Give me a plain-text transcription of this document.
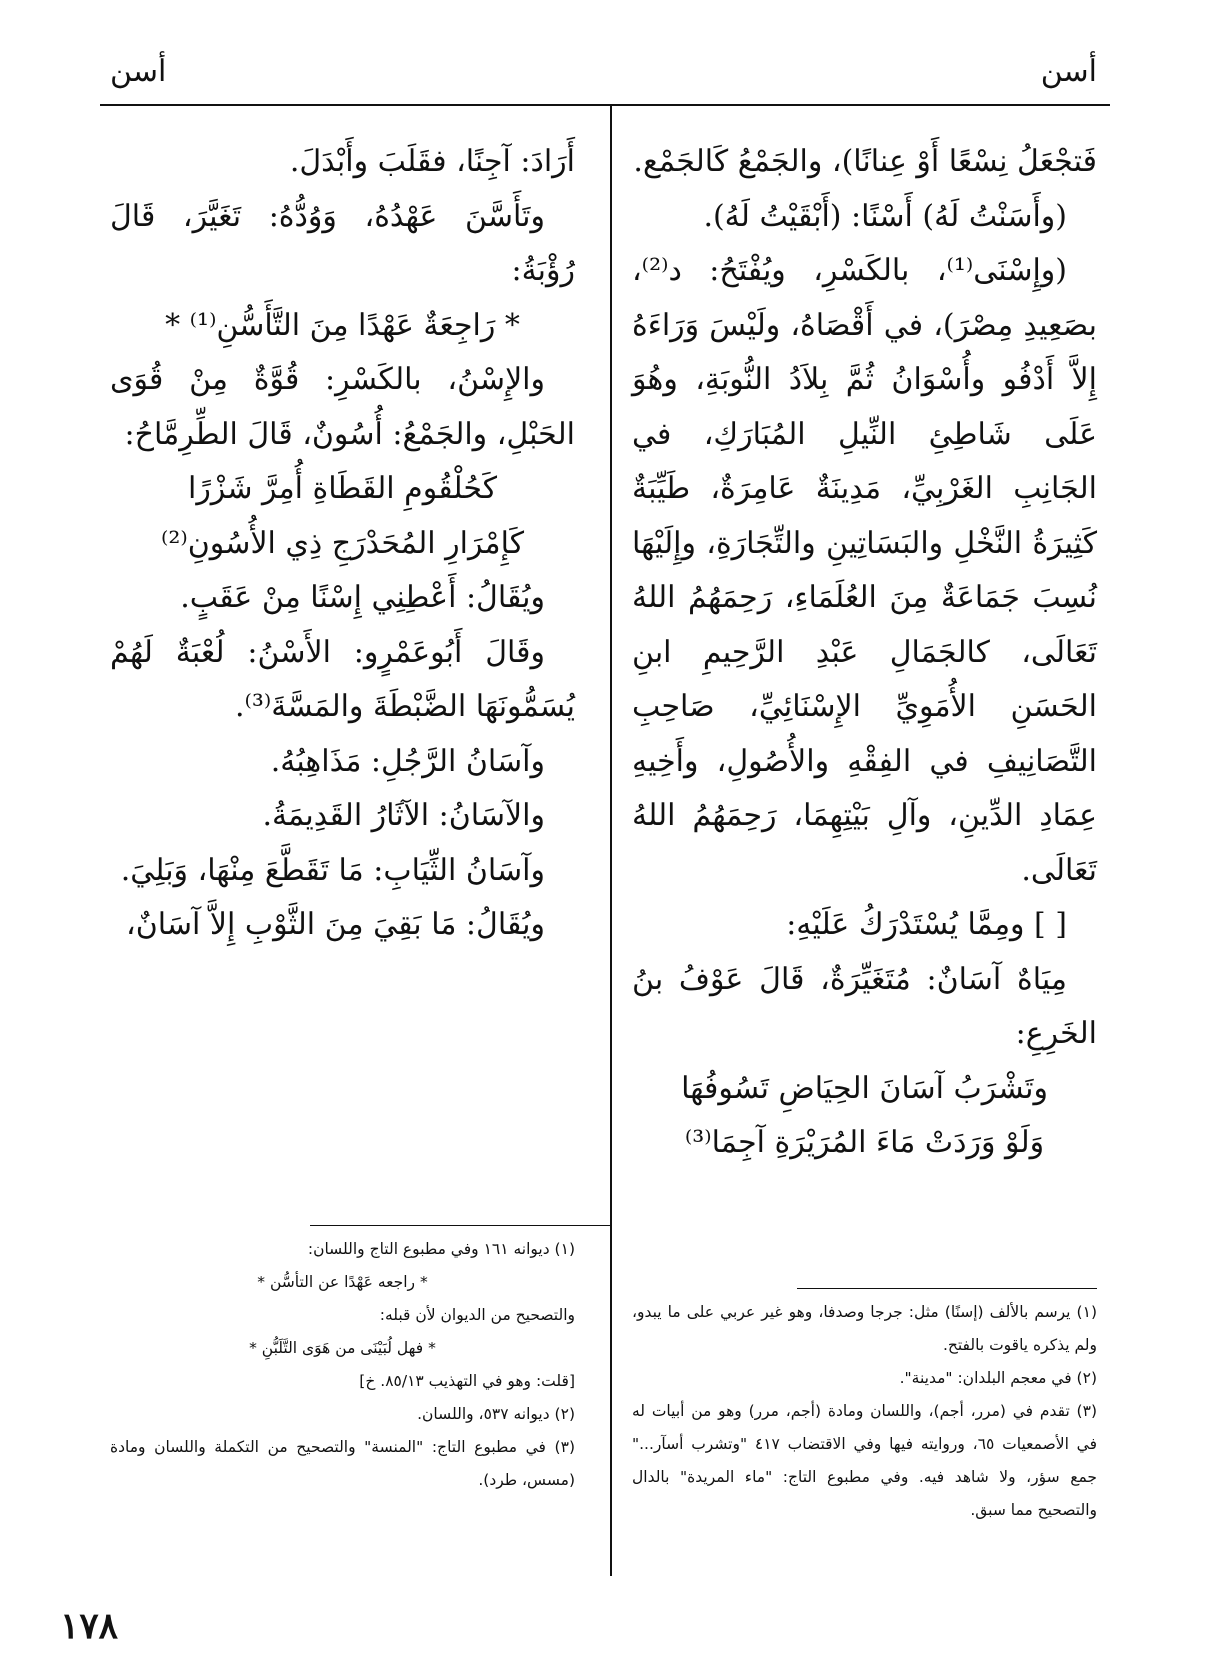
أسن
أسن

فَتجْعَلُ نِسْعًا أَوْ عِنانًا)، والجَمْعُ كَالجَمْع.

(وأَسَنْتُ لَهُ) أَسْنًا: (أَبْقَيْتُ لَهُ).

(وإِسْنَى⁽¹⁾، بالكَسْرِ، ويُفْتَحُ: د⁽²⁾، بصَعِيدِ مِصْرَ)، في أَقْصَاهُ، ولَيْسَ وَرَاءَهُ إِلاَّ أَدْفُو وأُسْوَانُ ثُمَّ بِلاَدُ النُّوبَةِ، وهُوَ عَلَى شَاطِئِ النِّيلِ المُبَارَكِ، في الجَانِبِ الغَرْبِيِّ، مَدِينَةٌ عَامِرَةٌ، طَيِّبَةٌ كَثِيرَةُ النَّخْلِ والبَسَاتِينِ والتِّجَارَةِ، وإِلَيْهَا نُسِبَ جَمَاعَةٌ مِنَ العُلَمَاءِ، رَحِمَهُمُ اللهُ تَعَالَى، كالجَمَالِ عَبْدِ الرَّحِيمِ ابنِ الحَسَنِ الأُمَوِيِّ الإِسْنَائِيِّ، صَاحِبِ التَّصَانِيفِ في الفِقْهِ والأُصُولِ، وأَخِيهِ عِمَادِ الدِّينِ، وآلِ بَيْتِهِمَا، رَحِمَهُمُ اللهُ تَعَالَى.

[ ] ومِمَّا يُسْتَدْرَكُ عَلَيْهِ:

مِيَاهٌ آسَانٌ: مُتَغَيِّرَةٌ، قَالَ عَوْفُ بنُ الخَرِعِ:

وتَشْرَبُ آسَانَ الحِيَاضِ تَسُوفُهَا

وَلَوْ وَرَدَتْ مَاءَ المُرَيْرَةِ آجِمَا⁽³⁾

أَرَادَ: آجِنًا، فقَلَبَ وأَبْدَلَ.

وتَأَسَّنَ عَهْدُهُ، وَوُدُّهُ: تَغَيَّرَ، قَالَ رُؤْبَةُ:

* رَاجِعَةٌ عَهْدًا مِنَ التَّأَسُّنِ⁽¹⁾ *

والإِسْنُ، بالكَسْرِ: قُوَّةٌ مِنْ قُوَى الحَبْلِ، والجَمْعُ: أُسُونٌ، قَالَ الطِّرِمَّاحُ:

كَحُلْقُومِ القَطَاةِ أُمِرَّ شَزْرًا

كَإِمْرَارِ المُحَدْرَجِ ذِي الأُسُونِ⁽²⁾

ويُقَالُ: أَعْطِنِي إِسْنًا مِنْ عَقَبٍ.

وقَالَ أَبُوعَمْرٍو: الأَسْنُ: لُعْبَةٌ لَهُمْ يُسَمُّونَهَا الضَّبْطَةَ والمَسَّةَ⁽³⁾.

وآسَانُ الرَّجُلِ: مَذَاهِبُهُ.

والآسَانُ: الآثَارُ القَدِيمَةُ.

وآسَانُ الثِّيَابِ: مَا تَقَطَّعَ مِنْهَا، وَبَلِيَ.

ويُقَالُ: مَا بَقِيَ مِنَ الثَّوْبِ إِلاَّ آسَانٌ،

(١) يرسم بالألف (إسنًا) مثل: جرجا وصدفا، وهو غير عربي على ما يبدو، ولم يذكره ياقوت بالفتح.

(٢) في معجم البلدان: "مدينة".

(٣) تقدم في (مرر، أجم)، واللسان ومادة (أجم، مرر) وهو من أبيات له في الأصمعيات ٦٥، وروايته فيها وفي الاقتضاب ٤١٧ "وتشرب أسآر..." جمع سؤر، ولا شاهد فيه. وفي مطبوع التاج: "ماء المريدة" بالدال والتصحيح مما سبق.

(١) ديوانه ١٦١ وفي مطبوع التاج واللسان:

* راجعه عَهْدًا عن التأسُّن *

والتصحيح من الديوان لأن قبله:

* فهل لُبَيْنَى من هَوَى التَّلَبُّنِ *

[قلت: وهو في التهذيب ٨٥/١٣. خ]

(٢) ديوانه ٥٣٧، واللسان.

(٣) في مطبوع التاج: "المنسة" والتصحيح من التكملة واللسان ومادة (مسس، طرد).

١٧٨
